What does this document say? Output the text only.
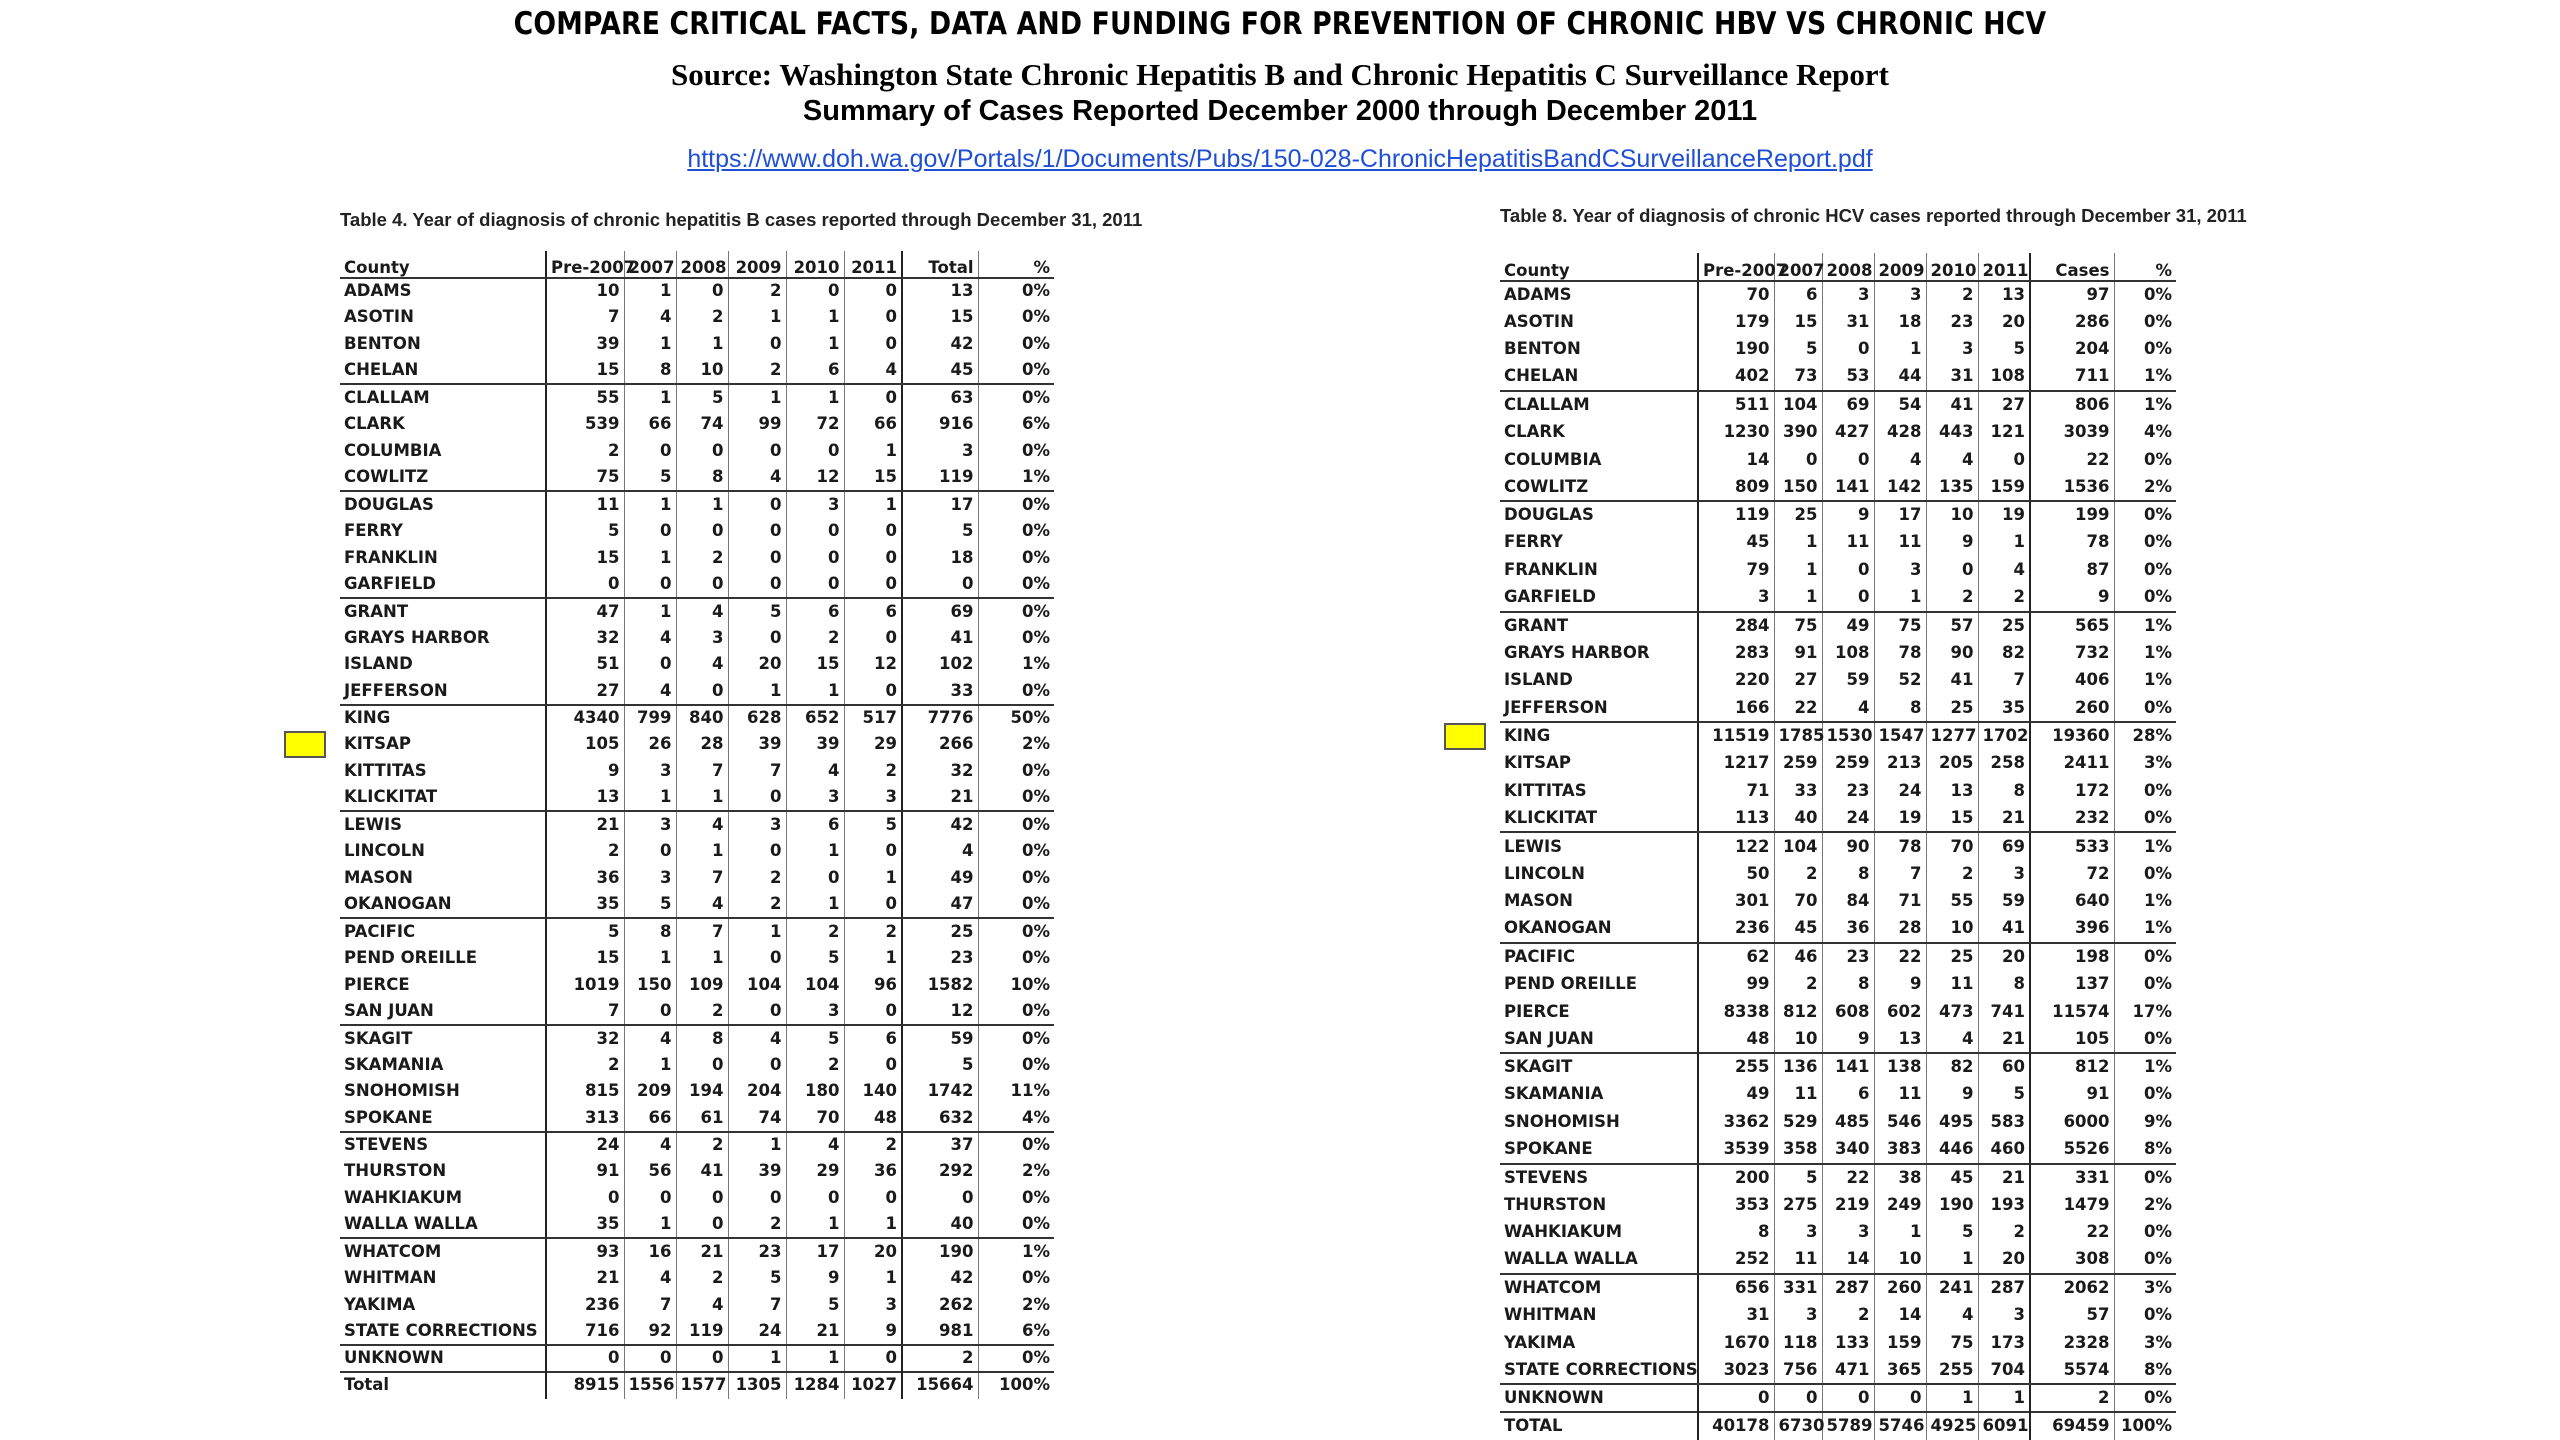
COMPARE CRITICAL FACTS, DATA AND FUNDING FOR PREVENTION OF CHRONIC HBV VS CHRONIC HCV
Source: Washington State Chronic Hepatitis B and Chronic Hepatitis C Surveillance Report
Summary of Cases Reported December 2000 through December 2011
https://www.doh.wa.gov/Portals/1/Documents/Pubs/150-028-ChronicHepatitisBandCSurveillanceReport.pdf
Table 4. Year of diagnosis of chronic hepatitis B cases reported through December 31, 2011
County	Pre-2007	2007	2008	2009	2010	2011	Total	%
ADAMS	10	1	0	2	0	0	13	0%
ASOTIN	7	4	2	1	1	0	15	0%
BENTON	39	1	1	0	1	0	42	0%
CHELAN	15	8	10	2	6	4	45	0%
CLALLAM	55	1	5	1	1	0	63	0%
CLARK	539	66	74	99	72	66	916	6%
COLUMBIA	2	0	0	0	0	1	3	0%
COWLITZ	75	5	8	4	12	15	119	1%
DOUGLAS	11	1	1	0	3	1	17	0%
FERRY	5	0	0	0	0	0	5	0%
FRANKLIN	15	1	2	0	0	0	18	0%
GARFIELD	0	0	0	0	0	0	0	0%
GRANT	47	1	4	5	6	6	69	0%
GRAYS HARBOR	32	4	3	0	2	0	41	0%
ISLAND	51	0	4	20	15	12	102	1%
JEFFERSON	27	4	0	1	1	0	33	0%
KING	4340	799	840	628	652	517	7776	50%
KITSAP	105	26	28	39	39	29	266	2%
KITTITAS	9	3	7	7	4	2	32	0%
KLICKITAT	13	1	1	0	3	3	21	0%
LEWIS	21	3	4	3	6	5	42	0%
LINCOLN	2	0	1	0	1	0	4	0%
MASON	36	3	7	2	0	1	49	0%
OKANOGAN	35	5	4	2	1	0	47	0%
PACIFIC	5	8	7	1	2	2	25	0%
PEND OREILLE	15	1	1	0	5	1	23	0%
PIERCE	1019	150	109	104	104	96	1582	10%
SAN JUAN	7	0	2	0	3	0	12	0%
SKAGIT	32	4	8	4	5	6	59	0%
SKAMANIA	2	1	0	0	2	0	5	0%
SNOHOMISH	815	209	194	204	180	140	1742	11%
SPOKANE	313	66	61	74	70	48	632	4%
STEVENS	24	4	2	1	4	2	37	0%
THURSTON	91	56	41	39	29	36	292	2%
WAHKIAKUM	0	0	0	0	0	0	0	0%
WALLA WALLA	35	1	0	2	1	1	40	0%
WHATCOM	93	16	21	23	17	20	190	1%
WHITMAN	21	4	2	5	9	1	42	0%
YAKIMA	236	7	4	7	5	3	262	2%
STATE CORRECTIONS	716	92	119	24	21	9	981	6%
UNKNOWN	0	0	0	1	1	0	2	0%
Total	8915	1556	1577	1305	1284	1027	15664	100%
Table 8. Year of diagnosis of chronic HCV cases reported through December 31, 2011
County	Pre-2007	2007	2008	2009	2010	2011	Cases	%
ADAMS	70	6	3	3	2	13	97	0%
ASOTIN	179	15	31	18	23	20	286	0%
BENTON	190	5	0	1	3	5	204	0%
CHELAN	402	73	53	44	31	108	711	1%
CLALLAM	511	104	69	54	41	27	806	1%
CLARK	1230	390	427	428	443	121	3039	4%
COLUMBIA	14	0	0	4	4	0	22	0%
COWLITZ	809	150	141	142	135	159	1536	2%
DOUGLAS	119	25	9	17	10	19	199	0%
FERRY	45	1	11	11	9	1	78	0%
FRANKLIN	79	1	0	3	0	4	87	0%
GARFIELD	3	1	0	1	2	2	9	0%
GRANT	284	75	49	75	57	25	565	1%
GRAYS HARBOR	283	91	108	78	90	82	732	1%
ISLAND	220	27	59	52	41	7	406	1%
JEFFERSON	166	22	4	8	25	35	260	0%
KING	11519	1785	1530	1547	1277	1702	19360	28%
KITSAP	1217	259	259	213	205	258	2411	3%
KITTITAS	71	33	23	24	13	8	172	0%
KLICKITAT	113	40	24	19	15	21	232	0%
LEWIS	122	104	90	78	70	69	533	1%
LINCOLN	50	2	8	7	2	3	72	0%
MASON	301	70	84	71	55	59	640	1%
OKANOGAN	236	45	36	28	10	41	396	1%
PACIFIC	62	46	23	22	25	20	198	0%
PEND OREILLE	99	2	8	9	11	8	137	0%
PIERCE	8338	812	608	602	473	741	11574	17%
SAN JUAN	48	10	9	13	4	21	105	0%
SKAGIT	255	136	141	138	82	60	812	1%
SKAMANIA	49	11	6	11	9	5	91	0%
SNOHOMISH	3362	529	485	546	495	583	6000	9%
SPOKANE	3539	358	340	383	446	460	5526	8%
STEVENS	200	5	22	38	45	21	331	0%
THURSTON	353	275	219	249	190	193	1479	2%
WAHKIAKUM	8	3	3	1	5	2	22	0%
WALLA WALLA	252	11	14	10	1	20	308	0%
WHATCOM	656	331	287	260	241	287	2062	3%
WHITMAN	31	3	2	14	4	3	57	0%
YAKIMA	1670	118	133	159	75	173	2328	3%
STATE CORRECTIONS	3023	756	471	365	255	704	5574	8%
UNKNOWN	0	0	0	0	1	1	2	0%
TOTAL	40178	6730	5789	5746	4925	6091	69459	100%
